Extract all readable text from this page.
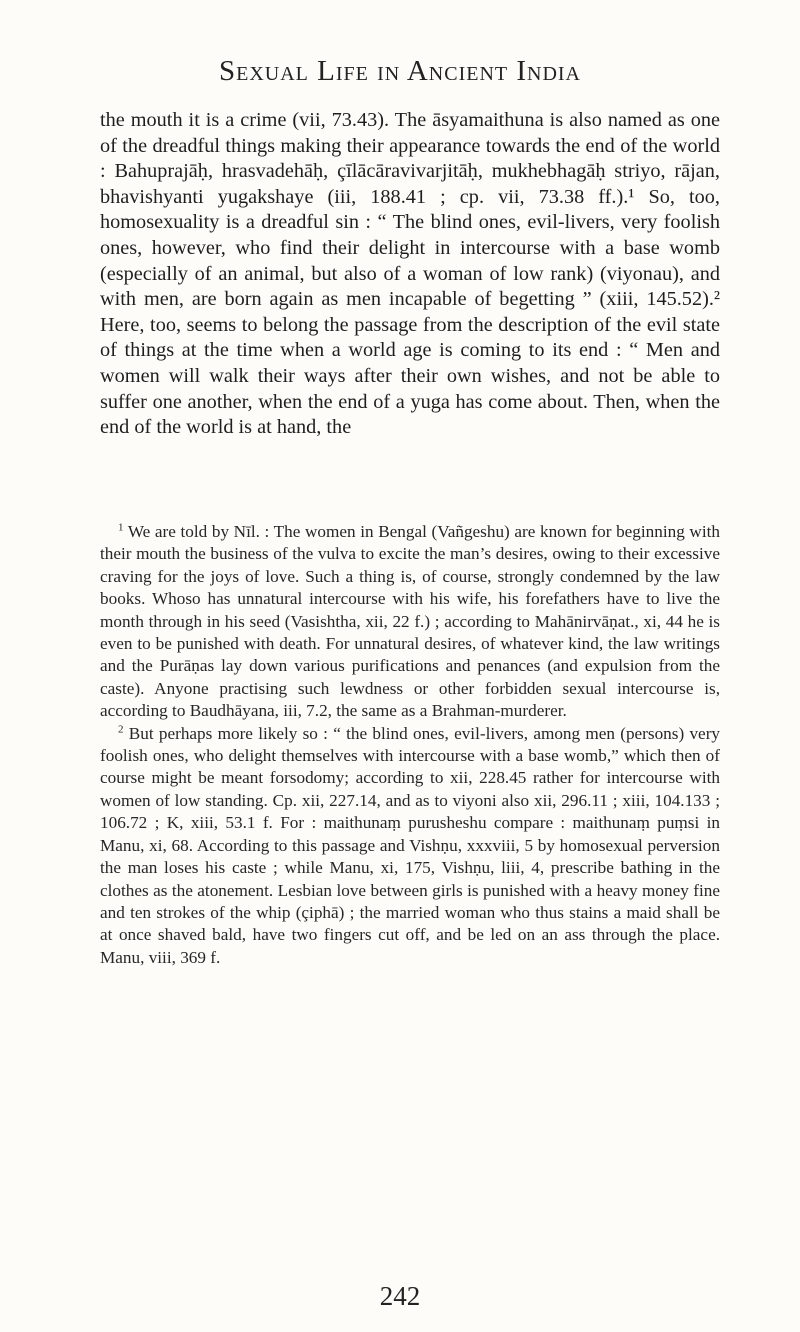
Sexual Life in Ancient India

the mouth it is a crime (vii, 73.43). The āsyamaithuna is also named as one of the dreadful things making their appearance towards the end of the world : Bahuprajāḥ, hrasvadehāḥ, çīlācāravivarjitāḥ, mukhebhagāḥ striyo, rājan, bhavishyanti yugakshaye (iii, 188.41 ; cp. vii, 73.38 ff.).¹ So, too, homosexuality is a dreadful sin : “ The blind ones, evil-livers, very foolish ones, however, who find their delight in intercourse with a base womb (especially of an animal, but also of a woman of low rank) (viyonau), and with men, are born again as men incapable of begetting ” (xiii, 145.52).² Here, too, seems to belong the passage from the description of the evil state of things at the time when a world age is coming to its end : “ Men and women will walk their ways after their own wishes, and not be able to suffer one another, when the end of a yuga has come about. Then, when the end of the world is at hand, the

$^1$ We are told by Nīl. : The women in Bengal (Vañgeshu) are known for beginning with their mouth the business of the vulva to excite the man’s desires, owing to their excessive craving for the joys of love. Such a thing is, of course, strongly condemned by the law books. Whoso has unnatural intercourse with his wife, his forefathers have to live the month through in his seed (Vasishtha, xii, 22 f.) ; according to Mahānirvāṇat., xi, 44 he is even to be punished with death. For unnatural desires, of whatever kind, the law writings and the Purāṇas lay down various purifications and penances (and expulsion from the caste). Anyone practising such lewdness or other forbidden sexual intercourse is, according to Baudhāyana, iii, 7.2, the same as a Brahman-murderer.

$^2$ But perhaps more likely so : “ the blind ones, evil-livers, among men (persons) very foolish ones, who delight themselves with intercourse with a base womb,” which then of course might be meant forsodomy; according to xii, 228.45 rather for intercourse with women of low standing. Cp. xii, 227.14, and as to viyoni also xii, 296.11 ; xiii, 104.133 ; 106.72 ; K, xiii, 53.1 f. For : maithunaṃ purusheshu compare : maithunaṃ puṃsi in Manu, xi, 68. According to this passage and Vishṇu, xxxviii, 5 by homosexual perversion the man loses his caste ; while Manu, xi, 175, Vishṇu, liii, 4, prescribe bathing in the clothes as the atonement. Lesbian love between girls is punished with a heavy money fine and ten strokes of the whip (çiphā) ; the married woman who thus stains a maid shall be at once shaved bald, have two fingers cut off, and be led on an ass through the place. Manu, viii, 369 f.

242
